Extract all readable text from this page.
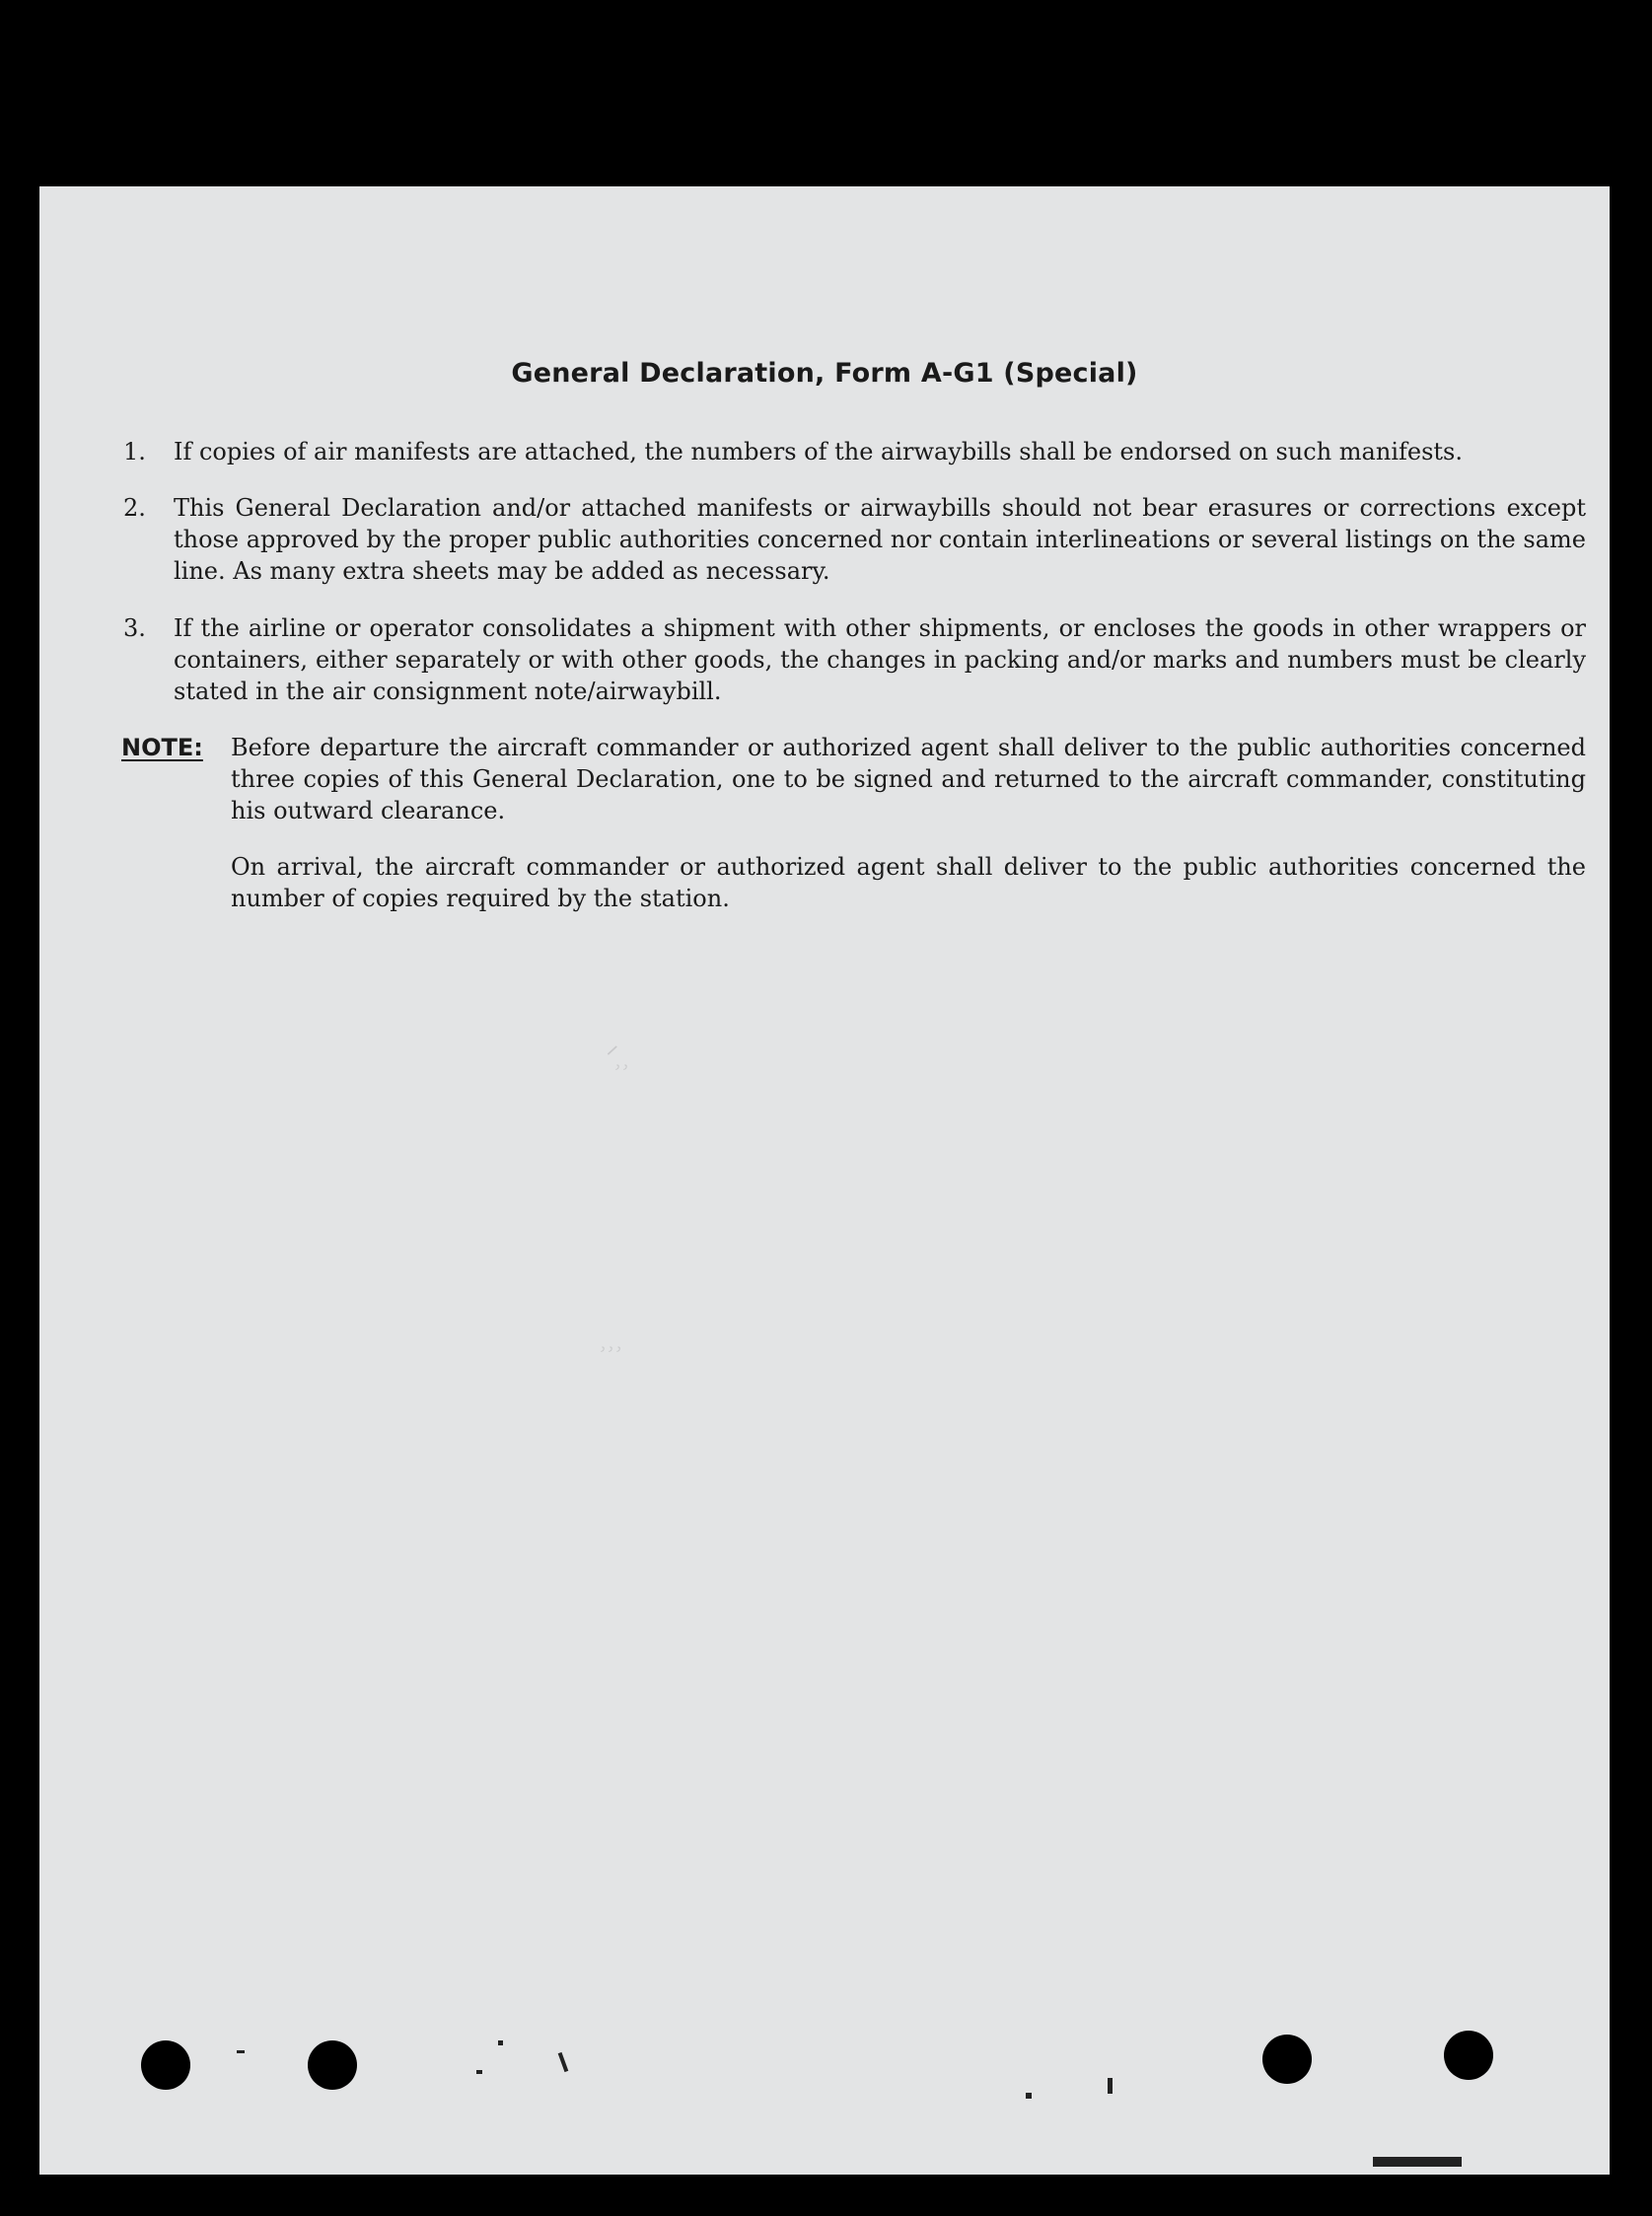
General Declaration, Form A-G1 (Special)
1. If copies of air manifests are attached, the numbers of the airwaybills shall be endorsed on such manifests.
2. This General Declaration and/or attached manifests or airwaybills should not bear erasures or corrections except those approved by the proper public authorities concerned nor contain interlineations or several listings on the same line. As many extra sheets may be added as necessary.
3. If the airline or operator consolidates a shipment with other shipments, or encloses the goods in other wrappers or containers, either separately or with other goods, the changes in packing and/or marks and numbers must be clearly stated in the air consignment note/airwaybill.
NOTE: Before departure the aircraft commander or authorized agent shall deliver to the public authorities concerned three copies of this General Declaration, one to be signed and returned to the aircraft commander, constituting his outward clearance.
On arrival, the aircraft commander or authorized agent shall deliver to the public authorities concerned the number of copies required by the station.
ᐟ⸒⸒
⸒⸒⸒
